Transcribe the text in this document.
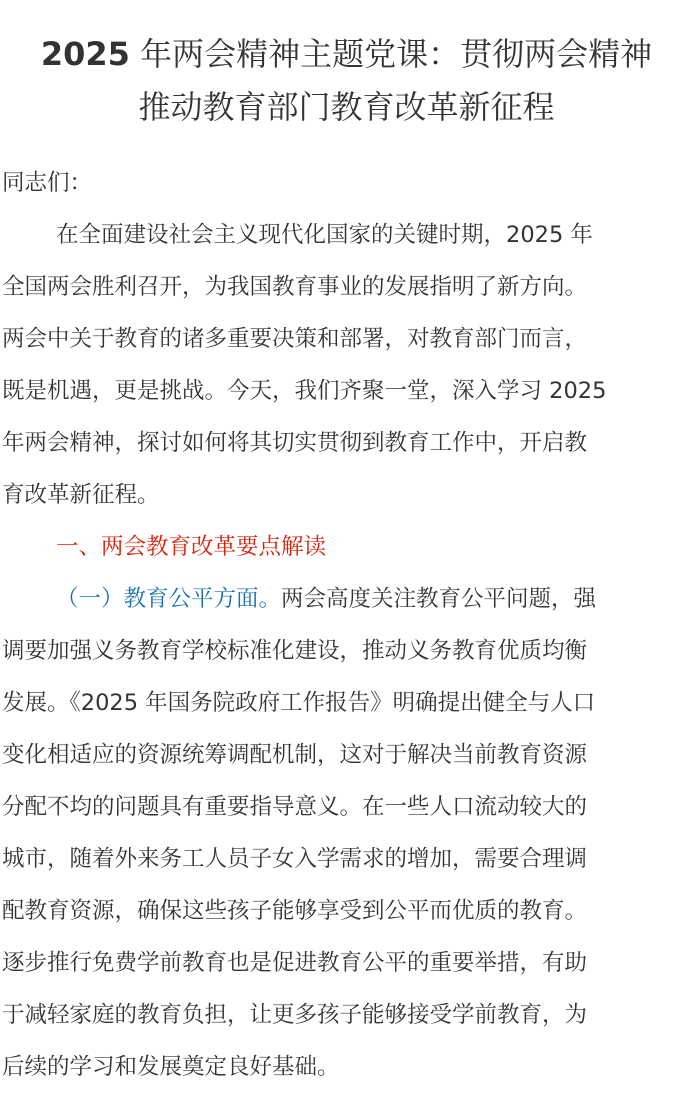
2025 年两会精神主题党课：贯彻两会精神
推动教育部门教育改革新征程
同志们：
在全面建设社会主义现代化国家的关键时期，2025 年
全国两会胜利召开，为我国教育事业的发展指明了新方向。
两会中关于教育的诸多重要决策和部署，对教育部门而言，
既是机遇，更是挑战。今天，我们齐聚一堂，深入学习 2025
年两会精神，探讨如何将其切实贯彻到教育工作中，开启教
育改革新征程。
一、两会教育改革要点解读
（一）教育公平方面。两会高度关注教育公平问题，强
调要加强义务教育学校标准化建设，推动义务教育优质均衡
发展。《2025 年国务院政府工作报告》明确提出健全与人口
变化相适应的资源统筹调配机制，这对于解决当前教育资源
分配不均的问题具有重要指导意义。在一些人口流动较大的
城市，随着外来务工人员子女入学需求的增加，需要合理调
配教育资源，确保这些孩子能够享受到公平而优质的教育。
逐步推行免费学前教育也是促进教育公平的重要举措，有助
于减轻家庭的教育负担，让更多孩子能够接受学前教育，为
后续的学习和发展奠定良好基础。
